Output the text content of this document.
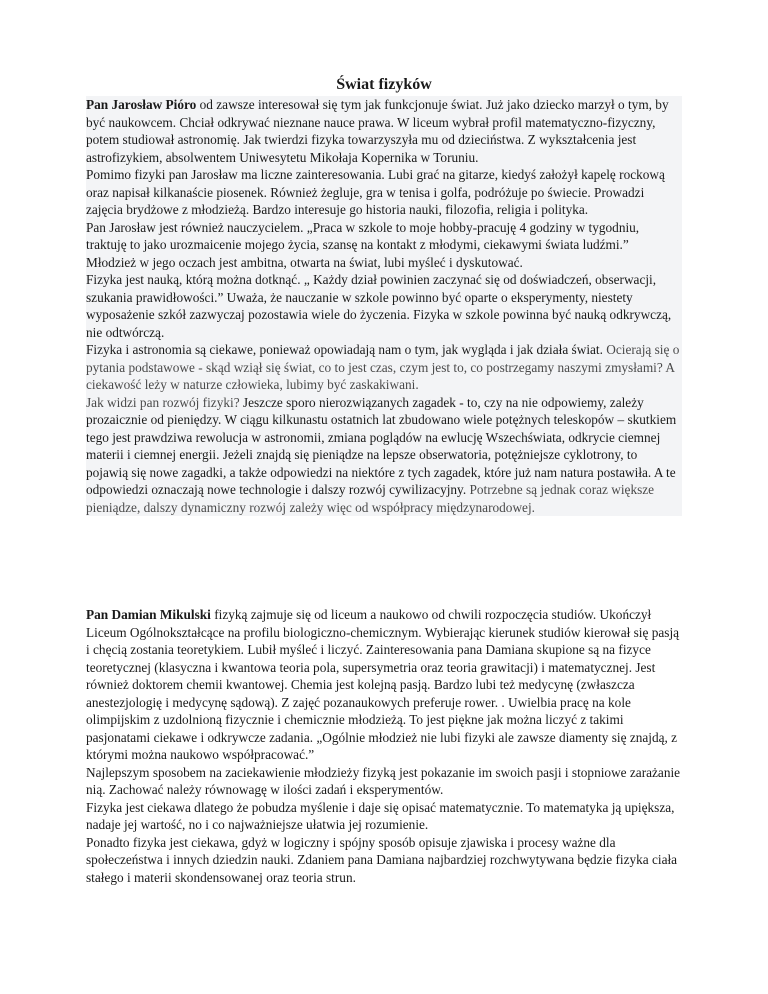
Świat fizyków

Pan Jarosław Pióro od zawsze interesował się tym jak funkcjonuje świat. Już jako dziecko marzył o tym, by być naukowcem. Chciał odkrywać nieznane nauce prawa. W liceum wybrał profil matematyczno-fizyczny, potem studiował astronomię. Jak twierdzi fizyka towarzyszyła mu od dzieciństwa. Z wykształcenia jest astrofizykiem, absolwentem Uniwesytetu Mikołaja Kopernika w Toruniu.

Pomimo fizyki pan Jarosław ma liczne zainteresowania. Lubi grać na gitarze, kiedyś założył kapelę rockową oraz napisał kilkanaście piosenek. Również żegluje, gra w tenisa i golfa, podróżuje po świecie. Prowadzi zajęcia brydżowe z młodzieżą. Bardzo interesuje go historia nauki, filozofia, religia i polityka.

Pan Jarosław jest również nauczycielem. „Praca w szkole to moje hobby-pracuję 4 godziny w tygodniu, traktuję to jako urozmaicenie mojego życia, szansę na kontakt z młodymi, ciekawymi świata ludźmi.” Młodzież w jego oczach jest ambitna, otwarta na świat, lubi myśleć i dyskutować.

Fizyka jest nauką, którą można dotknąć. „ Każdy dział powinien zaczynać się od doświadczeń, obserwacji, szukania prawidłowości.” Uważa, że nauczanie w szkole powinno być oparte o eksperymenty, niestety wyposażenie szkół zazwyczaj pozostawia wiele do życzenia. Fizyka w szkole powinna być nauką odkrywczą, nie odtwórczą.

Fizyka i astronomia są ciekawe, ponieważ opowiadają nam o tym, jak wygląda i jak działa świat. Ocierają się o pytania podstawowe - skąd wziął się świat, co to jest czas, czym jest to, co postrzegamy naszymi zmysłami? A ciekawość leży w naturze człowieka, lubimy być zaskakiwani.

Jak widzi pan rozwój fizyki? Jeszcze sporo nierozwiązanych zagadek - to, czy na nie odpowiemy, zależy prozaicznie od pieniędzy. W ciągu kilkunastu ostatnich lat zbudowano wiele potężnych teleskopów – skutkiem tego jest prawdziwa rewolucja w astronomii, zmiana poglądów na ewlucję Wszechświata, odkrycie ciemnej materii i ciemnej energii. Jeżeli znajdą się pieniądze na lepsze obserwatoria, potężniejsze cyklotrony, to pojawią się nowe zagadki, a także odpowiedzi na niektóre z tych zagadek, które już nam natura postawiła. A te odpowiedzi oznaczają nowe technologie i dalszy rozwój cywilizacyjny. Potrzebne są jednak coraz większe pieniądze, dalszy dynamiczny rozwój zależy więc od współpracy międzynarodowej.

Pan Damian Mikulski fizyką zajmuje się od liceum a naukowo od chwili rozpoczęcia studiów. Ukończył Liceum Ogólnokształcące na profilu biologiczno-chemicznym. Wybierając kierunek studiów kierował się pasją i chęcią zostania teoretykiem. Lubił myśleć i liczyć. Zainteresowania pana Damiana skupione są na fizyce teoretycznej (klasyczna i kwantowa teoria pola, supersymetria oraz teoria grawitacji) i matematycznej. Jest również doktorem chemii kwantowej. Chemia jest kolejną pasją. Bardzo lubi też medycynę (zwłaszcza anestezjologię i medycynę sądową). Z zajęć pozanaukowych preferuje rower. . Uwielbia pracę na kole olimpijskim z uzdolnioną fizycznie i chemicznie młodzieżą. To jest piękne jak można liczyć z takimi pasjonatami ciekawe i odkrywcze zadania. „Ogólnie młodzież nie lubi fizyki ale zawsze diamenty się znajdą, z którymi można naukowo współpracować.”

Najlepszym sposobem na zaciekawienie młodzieży fizyką jest pokazanie im swoich pasji i stopniowe zarażanie nią. Zachować należy równowagę w ilości zadań i eksperymentów.

Fizyka jest ciekawa dlatego że pobudza myślenie i daje się opisać matematycznie. To matematyka ją upiększa, nadaje jej wartość, no i co najważniejsze ułatwia jej rozumienie.

Ponadto fizyka jest ciekawa, gdyż w logiczny i spójny sposób opisuje zjawiska i procesy ważne dla społeczeństwa i innych dziedzin nauki. Zdaniem pana Damiana najbardziej rozchwytywana będzie fizyka ciała stałego i materii skondensowanej oraz teoria strun.
